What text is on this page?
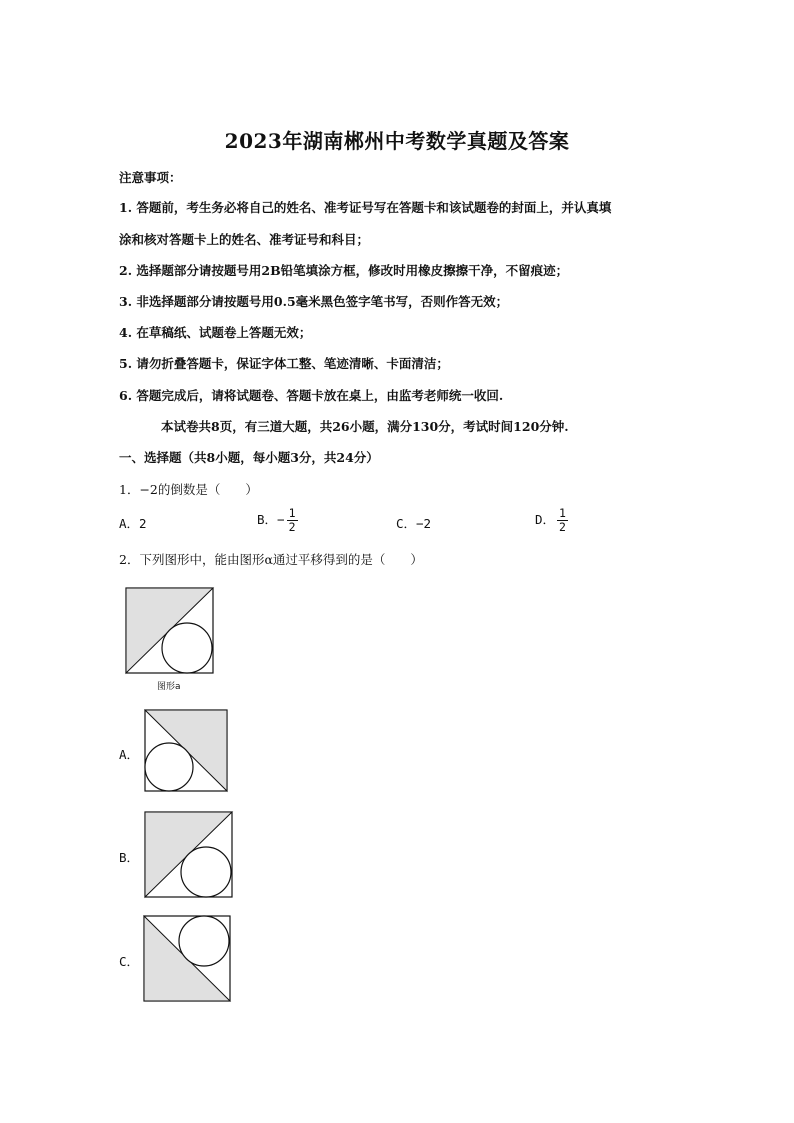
2023年湖南郴州中考数学真题及答案
注意事项：
1. 答题前，考生务必将自己的姓名、准考证号写在答题卡和该试题卷的封面上，并认真填
涂和核对答题卡上的姓名、准考证号和科目；
2. 选择题部分请按题号用2B铅笔填涂方框，修改时用橡皮擦擦干净，不留痕迹；
3. 非选择题部分请按题号用0.5毫米黑色签字笔书写，否则作答无效；
4. 在草稿纸、试题卷上答题无效；
5. 请勿折叠答题卡，保证字体工整、笔迹清晰、卡面清洁；
6. 答题完成后，请将试题卷、答题卡放在桌上，由监考老师统一收回.
本试卷共8页，有三道大题，共26小题，满分130分，考试时间120分钟.
一、选择题（共8小题，每小题3分，共24分）
1．−2的倒数是（　　）
A．2	B．− $\frac{1}{2}$	C．−2	D． $\frac{1}{2}$
2．下列图形中，能由图形α通过平移得到的是（　　）
图形a
A．
B．
C．
